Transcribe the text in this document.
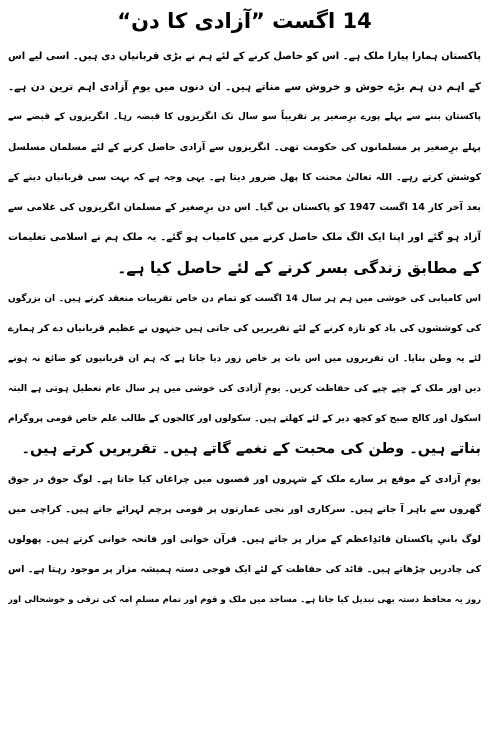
14 اگست ”آزادی کا دن“
پاکستان ہمارا پیارا ملک ہے۔ اس کو حاصل کرنے کے لئے ہم نے بڑی قربانیاں دی ہیں۔ اسی لیے اس
کے اہم دن ہم بڑے جوش و خروش سے مناتے ہیں۔ ان دنوں میں یومِ آزادی اہم ترین دن ہے۔
پاکستان بننے سے پہلے پورے برِصغیر پر تقریباً سو سال تک انگریزوں کا قبضہ رہا۔ انگریزوں کے قبضے سے
پہلے برِصغیر پر مسلمانوں کی حکومت تھی۔ انگریزوں سے آزادی حاصل کرنے کے لئے مسلمان مسلسل
کوشش کرتے رہے۔ اللہ تعالیٰ محنت کا پھل ضرور دیتا ہے۔ یہی وجہ ہے کہ بہت سی قربانیاں دینے کے
بعد آخر کار 14 اگست 1947 کو پاکستان بن گیا۔ اس دن برِصغیر کے مسلمان انگریزوں کی غلامی سے
آزاد ہو گئے اور اپنا ایک الگ ملک حاصل کرنے میں کامیاب ہو گئے۔ یہ ملک ہم نے اسلامی تعلیمات
کے مطابق زندگی بسر کرنے کے لئے حاصل کیا ہے۔
اس کامیابی کی خوشی میں ہم ہر سال 14 اگست کو تمام دن خاص تقریبات منعقد کرتے ہیں۔ ان بزرگوں
کی کوششوں کی یاد کو تازہ کرنے کے لئے تقریریں کی جاتی ہیں جنہوں نے عظیم قربانیاں دے کر ہمارے
لئے یہ وطن بنایا۔ ان تقریروں میں اس بات پر خاص زور دیا جاتا ہے کہ ہم ان قربانیوں کو ضائع نہ ہونے
دیں اور ملک کے چپے چپے کی حفاظت کریں۔ یومِ آزادی کی خوشی میں ہر سال عام تعطیل ہوتی ہے البتہ
اسکول اور کالج صبح کو کچھ دیر کے لئے کھلتے ہیں۔ سکولوں اور کالجوں کے طالب علم خاص قومی پروگرام
بناتے ہیں۔ وطن کی محبت کے نغمے گاتے ہیں۔ تقریریں کرتے ہیں۔
یومِ آزادی کے موقع پر سارے ملک کے شہروں اور قصبوں میں چراغاں کیا جاتا ہے۔ لوگ جوق در جوق
گھروں سے باہر آ جاتے ہیں۔ سرکاری اور نجی عمارتوں پر قومی پرچم لہرائے جاتے ہیں۔ کراچی میں
لوگ بانیِ پاکستان قائدِاعظم کے مزار پر جاتے ہیں۔ قرآن خوانی اور فاتحہ خوانی کرتے ہیں۔ پھولوں
کی چادریں چڑھاتے ہیں۔ قائد کی حفاظت کے لئے ایک فوجی دستہ ہمیشہ مزار پر موجود رہتا ہے۔ اس
روز یہ محافظ دستہ بھی تبدیل کیا جاتا ہے۔ مساجد میں ملک و قوم اور تمام مسلمِ امہ کی ترقی و خوشحالی اور
